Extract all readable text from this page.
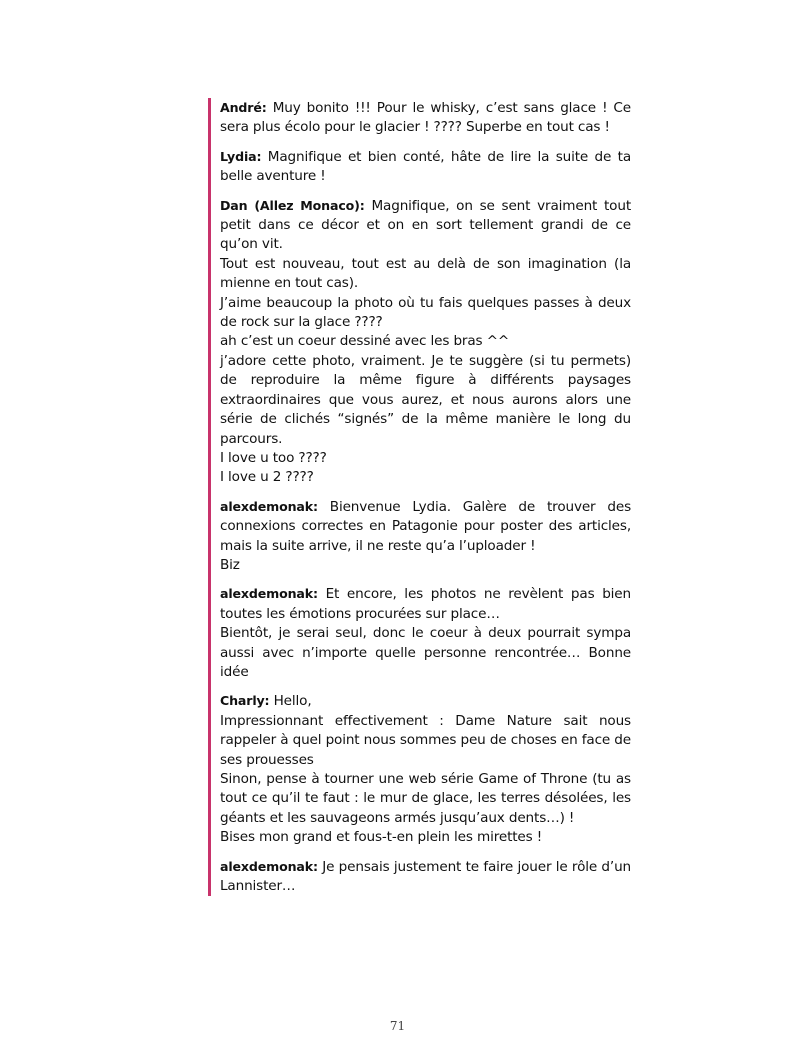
André: Muy bonito !!! Pour le whisky, c’est sans glace ! Ce sera plus écolo pour le glacier ! ???? Superbe en tout cas !
Lydia: Magnifique et bien conté, hâte de lire la suite de ta belle aventure !
Dan (Allez Monaco): Magnifique, on se sent vraiment tout petit dans ce décor et on en sort tellement grandi de ce qu’on vit.
Tout est nouveau, tout est au delà de son imagination (la mienne en tout cas).
J’aime beaucoup la photo où tu fais quelques passes à deux de rock sur la glace ????
ah c’est un coeur dessiné avec les bras ^^
j’adore cette photo, vraiment. Je te suggère (si tu permets) de reproduire la même figure à différents paysages extraordinaires que vous aurez, et nous aurons alors une série de clichés “signés” de la même manière le long du parcours.
I love u too ????
I love u 2 ????
alexdemonak: Bienvenue Lydia. Galère de trouver des connexions correctes en Patagonie pour poster des articles, mais la suite arrive, il ne reste qu’a l’uploader !
Biz
alexdemonak: Et encore, les photos ne revèlent pas bien toutes les émotions procurées sur place…
Bientôt, je serai seul, donc le coeur à deux pourrait sympa aussi avec n’importe quelle personne rencontrée… Bonne idée
Charly: Hello,
Impressionnant effectivement : Dame Nature sait nous rappeler à quel point nous sommes peu de choses en face de ses prouesses
Sinon, pense à tourner une web série Game of Throne (tu as tout ce qu’il te faut : le mur de glace, les terres désolées, les géants et les sauvageons armés jusqu’aux dents…) !
Bises mon grand et fous-t-en plein les mirettes !
alexdemonak: Je pensais justement te faire jouer le rôle d’un Lannister…
71
